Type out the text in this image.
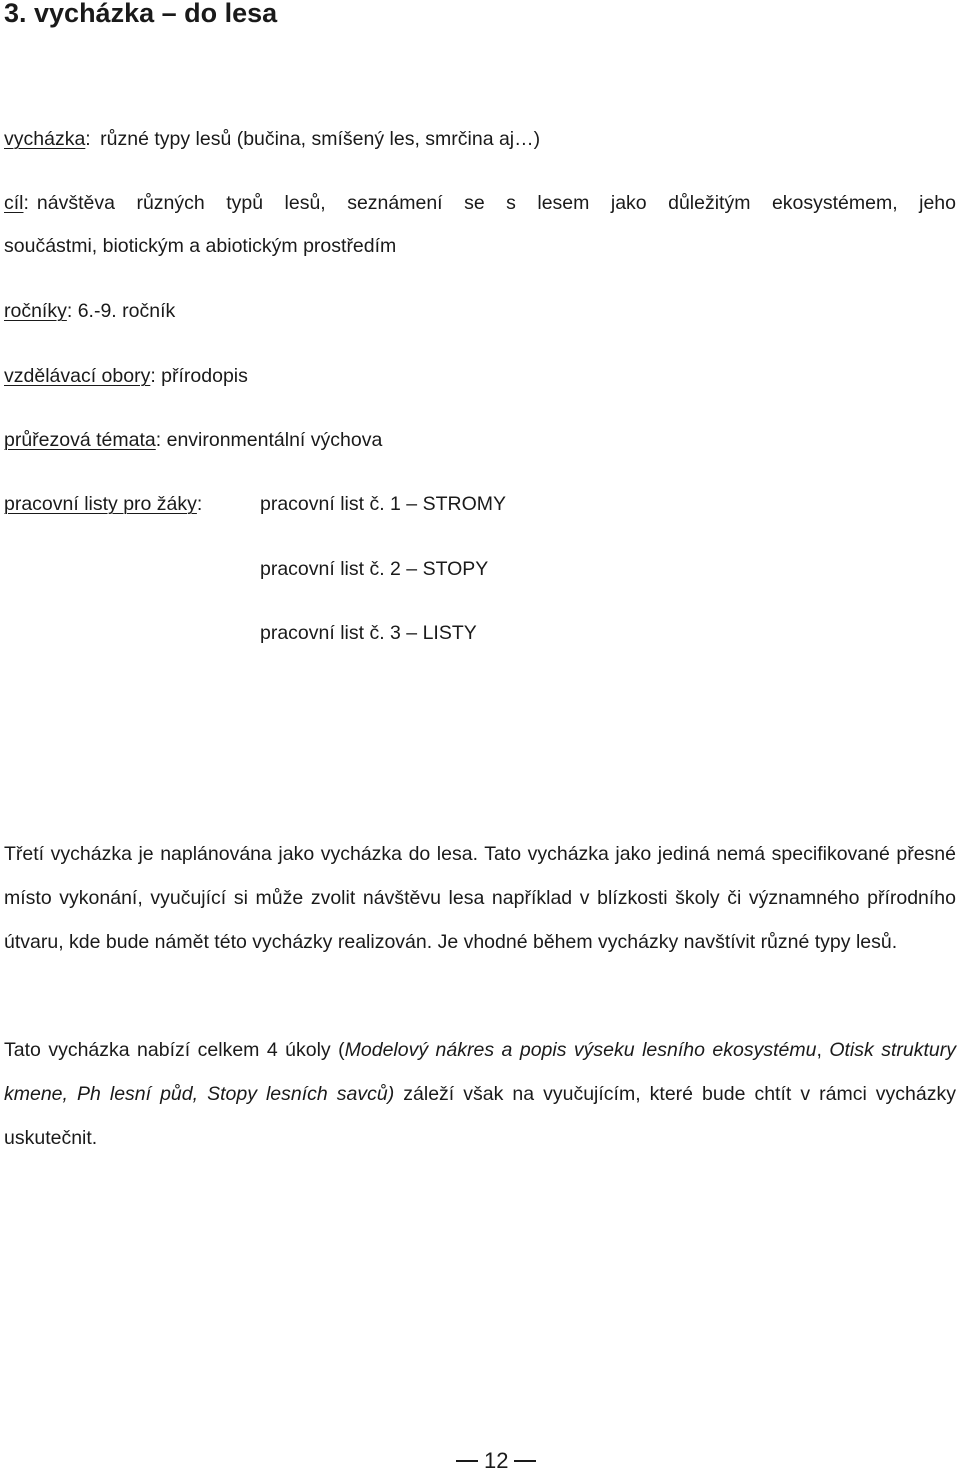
3. vycházka – do lesa
vycházka: různé typy lesů (bučina, smíšený les, smrčina aj…)
cíl: návštěva různých typů lesů, seznámení se s lesem jako důležitým ekosystémem, jeho
součástmi, biotickým a abiotickým prostředím
ročníky: 6.-9. ročník
vzdělávací obory: přírodopis
průřezová témata: environmentální výchova
pracovní listy pro žáky:	pracovní list č. 1 – STROMY
pracovní list č. 2 – STOPY
pracovní list č. 3 – LISTY
Třetí vycházka je naplánována jako vycházka do lesa. Tato vycházka jako jediná nemá specifikované přesné místo vykonání, vyučující si může zvolit návštěvu lesa například v blízkosti školy či významného přírodního útvaru, kde bude námět této vycházky realizován. Je vhodné během vycházky navštívit různé typy lesů.
Tato vycházka nabízí celkem 4 úkoly (Modelový nákres a popis výseku lesního ekosystému, Otisk struktury kmene, Ph lesní půd, Stopy lesních savců) záleží však na vyučujícím, které bude chtít v rámci vycházky uskutečnit.
12
